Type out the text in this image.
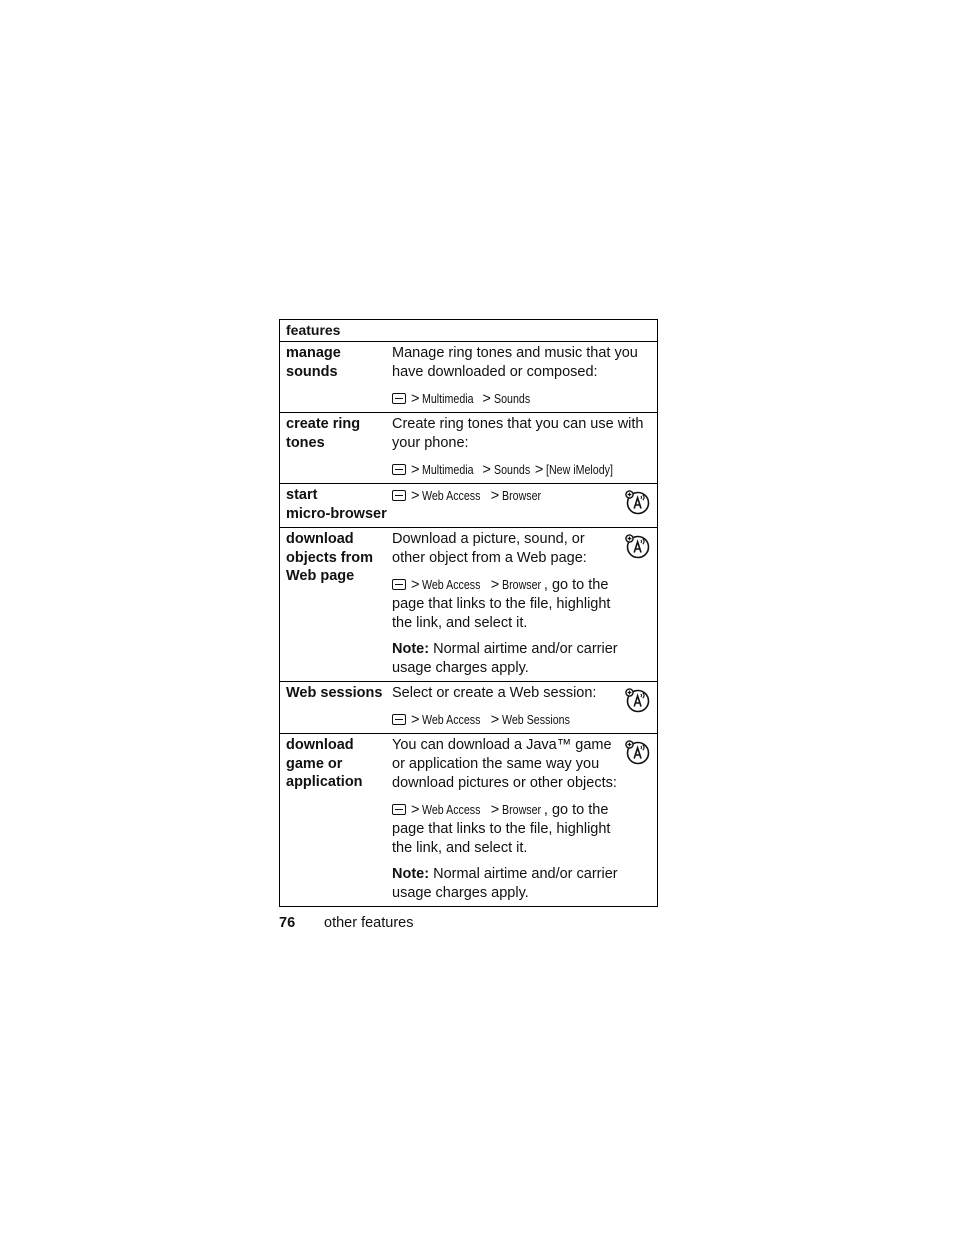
features
manage
sounds

Manage ring tones and music that you have downloaded or composed:

> Multimedia > Sounds

create ring
tones

Create ring tones that you can use with your phone:

> Multimedia > Sounds > [New iMelody]

start
micro-browser

> Web Access > Browser

download
objects from
Web page

Download a picture, sound, or
other object from a Web page:

> Web Access > Browser , go to the page that links to the file, highlight the link, and select it.

Note: Normal airtime and/or carrier usage charges apply.

Web sessions Select or create a Web session:

> Web Access > Web Sessions

download
game or
application

You can download a Java™ game
or application the same way you
download pictures or other objects:

> Web Access > Browser , go to the page that links to the file, highlight the link, and select it.

Note: Normal airtime and/or carrier usage charges apply.

76 other features
